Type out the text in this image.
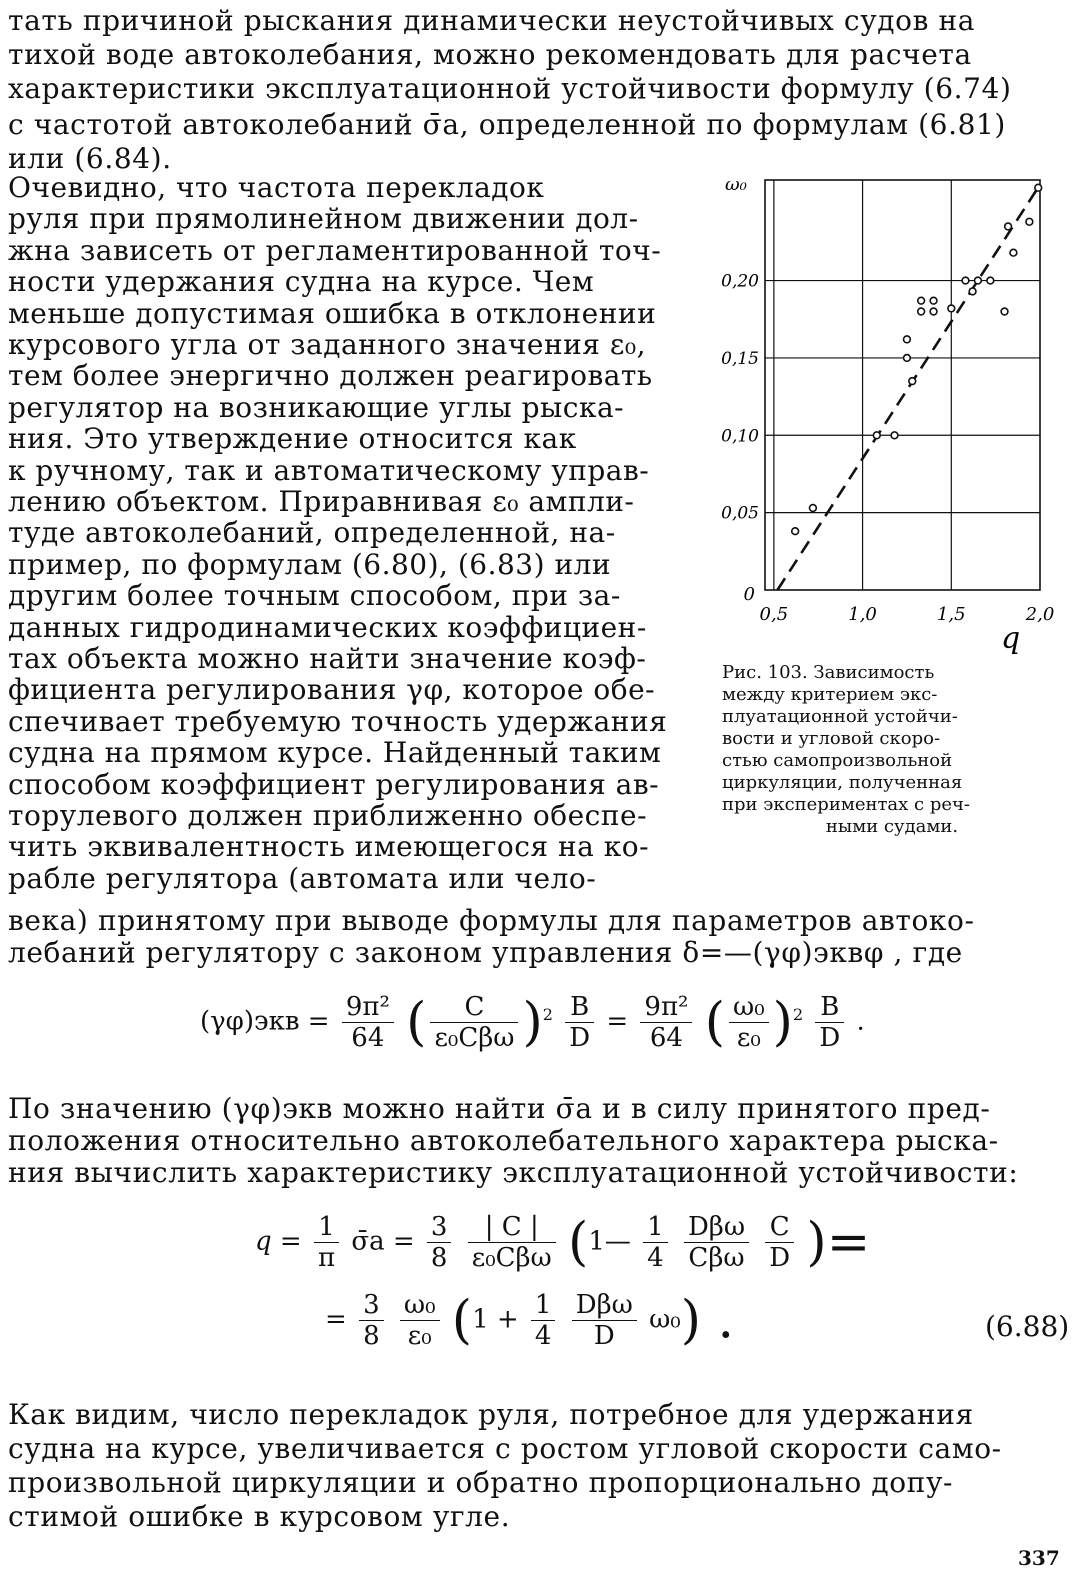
тать причиной рыскания динамически неустойчивых судов на
тихой воде автоколебания, можно рекомендовать для расчета
характеристики эксплуатационной устойчивости формулу (6.74)
с частотой автоколебаний σ̄а, определенной по формулам (6.81)
или (6.84).
Очевидно, что частота перекладок
руля при прямолинейном движении дол-
жна зависеть от регламентированной точ-
ности удержания судна на курсе. Чем
меньше допустимая ошибка в отклонении
курсового угла от заданного значения ε₀,
тем более энергично должен реагировать
регулятор на возникающие углы рыска-
ния. Это утверждение относится как
к ручному, так и автоматическому управ-
лению объектом. Приравнивая ε₀ ампли-
туде автоколебаний, определенной, на-
пример, по формулам (6.80), (6.83) или
другим более точным способом, при за-
данных гидродинамических коэффициен-
тах объекта можно найти значение коэф-
фициента регулирования γφ, которое обе-
спечивает требуемую точность удержания
судна на прямом курсе. Найденный таким
способом коэффициент регулирования ав-
торулевого должен приближенно обеспе-
чить эквивалентность имеющегося на ко-
рабле регулятора (автомата или чело-
0,5	1,0	1,5	2,0
0,05
0,10
0,15
0,20
0
ω₀
q
Рис. 103. Зависимость
между критерием экс-
плуатационной устойчи-
вости и угловой скоро-
стью самопроизвольной
циркуляции, полученная
при экспериментах с реч-
ными судами.
века) принятому при выводе формулы для параметров автоко-
лебаний регулятору с законом управления δ=—(γφ)эквφ , где
$(\gamma\varphi)экв = \frac{\text{9π²}}{64}$ ( $\frac{C}{\text{ε₀Cβω}} )^2 \frac{B}{D} = \frac{\text{9π²}}{64}$ ( $\frac{\text{ω₀}}{\text{ε₀}} )^2 \frac{B}{D}$ .
По значению (γφ)экв можно найти σ̄а и в силу принятого пред-
положения относительно автоколебательного характера рыска-
ния вычислить характеристику эксплуатационной устойчивости:
$q = \frac{1}{\pi}$ σ̄а = $\frac{3}{8}$
$\frac{| C |}{\text{ε₀Cβω}}$ (1— $\frac{1}{4}$
$\frac{\text{Dβω}}{\text{Cβω}}$
$\frac{C}{D}$ )=
= $\frac{3}{8}$
$\frac{\text{ω₀}}{\text{ε₀}} (1 + \frac{1}{4}$
$\frac{\text{Dβω}}{D} \omega_0$) .	(6.88)
Как видим, число перекладок руля, потребное для удержания
судна на курсе, увеличивается с ростом угловой скорости само-
произвольной циркуляции и обратно пропорционально допу-
стимой ошибке в курсовом угле.
337
